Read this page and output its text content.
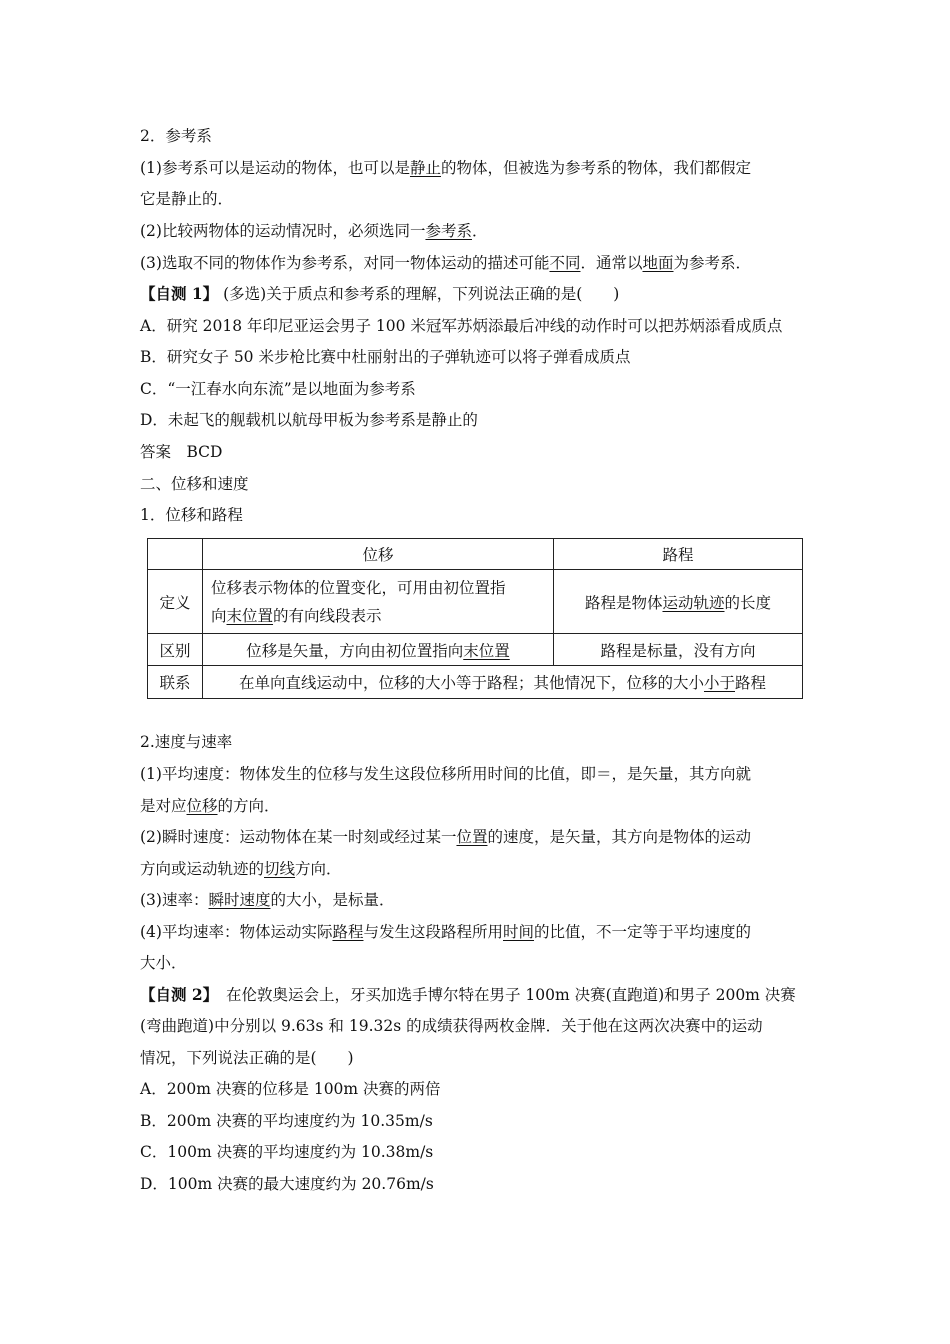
2．参考系
(1)参考系可以是运动的物体，也可以是静止的物体，但被选为参考系的物体，我们都假定
它是静止的．
(2)比较两物体的运动情况时，必须选同一参考系．
(3)选取不同的物体作为参考系，对同一物体运动的描述可能不同．通常以地面为参考系．
【自测 1】 (多选)关于质点和参考系的理解，下列说法正确的是(　　)
A．研究 2018 年印尼亚运会男子 100 米冠军苏炳添最后冲线的动作时可以把苏炳添看成质点
B．研究女子 50 米步枪比赛中杜丽射出的子弹轨迹可以将子弹看成质点
C．“一江春水向东流”是以地面为参考系
D．未起飞的舰载机以航母甲板为参考系是静止的
答案　BCD
二、位移和速度
1．位移和路程
	位移	路程
定义	位移表示物体的位置变化，可用由初位置指
向末位置的有向线段表示	路程是物体运动轨迹的长度
区别	位移是矢量，方向由初位置指向末位置	路程是标量，没有方向
联系	在单向直线运动中，位移的大小等于路程；其他情况下，位移的大小小于路程	
2.速度与速率
(1)平均速度：物体发生的位移与发生这段位移所用时间的比值，即＝，是矢量，其方向就
是对应位移的方向．
(2)瞬时速度：运动物体在某一时刻或经过某一位置的速度，是矢量，其方向是物体的运动
方向或运动轨迹的切线方向．
(3)速率：瞬时速度的大小，是标量．
(4)平均速率：物体运动实际路程与发生这段路程所用时间的比值，不一定等于平均速度的
大小．
【自测 2】　在伦敦奥运会上，牙买加选手博尔特在男子 100m 决赛(直跑道)和男子 200m 决赛
(弯曲跑道)中分别以 9.63s 和 19.32s 的成绩获得两枚金牌．关于他在这两次决赛中的运动
情况，下列说法正确的是(　　)
A．200m 决赛的位移是 100m 决赛的两倍
B．200m 决赛的平均速度约为 10.35m/s
C．100m 决赛的平均速度约为 10.38m/s
D．100m 决赛的最大速度约为 20.76m/s
